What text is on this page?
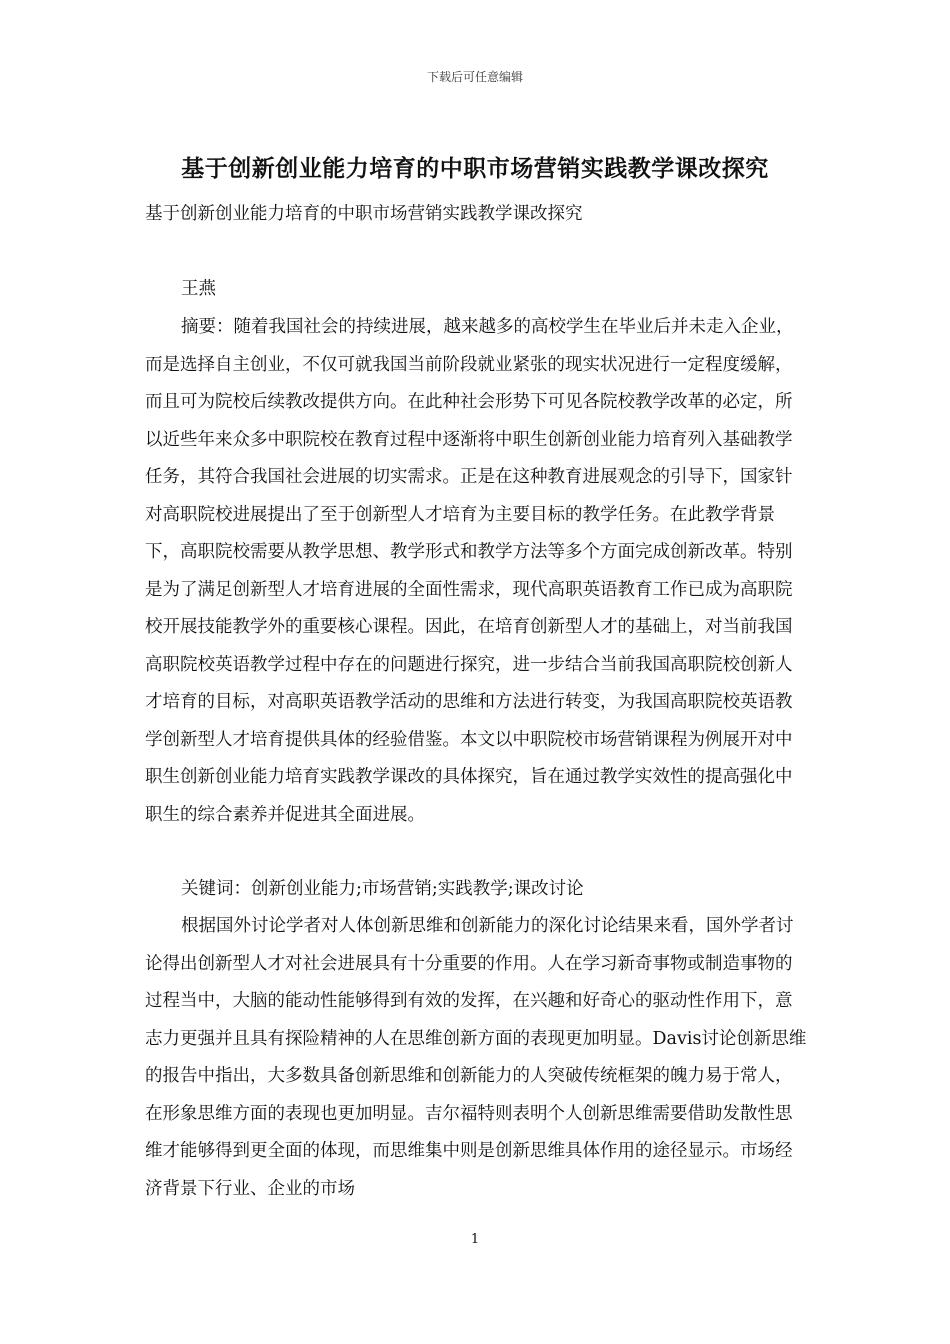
下载后可任意编辑
基于创新创业能力培育的中职市场营销实践教学课改探究

基于创新创业能力培育的中职市场营销实践教学课改探究

王燕

摘要：随着我国社会的持续进展，越来越多的高校学生在毕业后并未走入企业，而是选择自主创业，不仅可就我国当前阶段就业紧张的现实状况进行一定程度缓解，而且可为院校后续教改提供方向。在此种社会形势下可见各院校教学改革的必定，所以近些年来众多中职院校在教育过程中逐渐将中职生创新创业能力培育列入基础教学任务，其符合我国社会进展的切实需求。正是在这种教育进展观念的引导下，国家针对高职院校进展提出了至于创新型人才培育为主要目标的教学任务。在此教学背景下，高职院校需要从教学思想、教学形式和教学方法等多个方面完成创新改革。特别是为了满足创新型人才培育进展的全面性需求，现代高职英语教育工作已成为高职院校开展技能教学外的重要核心课程。因此，在培育创新型人才的基础上，对当前我国高职院校英语教学过程中存在的问题进行探究，进一步结合当前我国高职院校创新人才培育的目标，对高职英语教学活动的思维和方法进行转变，为我国高职院校英语教学创新型人才培育提供具体的经验借鉴。本文以中职院校市场营销课程为例展开对中职生创新创业能力培育实践教学课改的具体探究，旨在通过教学实效性的提高强化中职生的综合素养并促进其全面进展。

关键词：创新创业能力;市场营销;实践教学;课改讨论

根据国外讨论学者对人体创新思维和创新能力的深化讨论结果来看，国外学者讨论得出创新型人才对社会进展具有十分重要的作用。人在学习新奇事物或制造事物的过程当中，大脑的能动性能够得到有效的发挥，在兴趣和好奇心的驱动性作用下，意志力更强并且具有探险精神的人在思维创新方面的表现更加明显。Davis讨论创新思维的报告中指出，大多数具备创新思维和创新能力的人突破传统框架的魄力易于常人，在形象思维方面的表现也更加明显。吉尔福特则表明个人创新思维需要借助发散性思维才能够得到更全面的体现，而思维集中则是创新思维具体作用的途径显示。市场经济背景下行业、企业的市场

1
